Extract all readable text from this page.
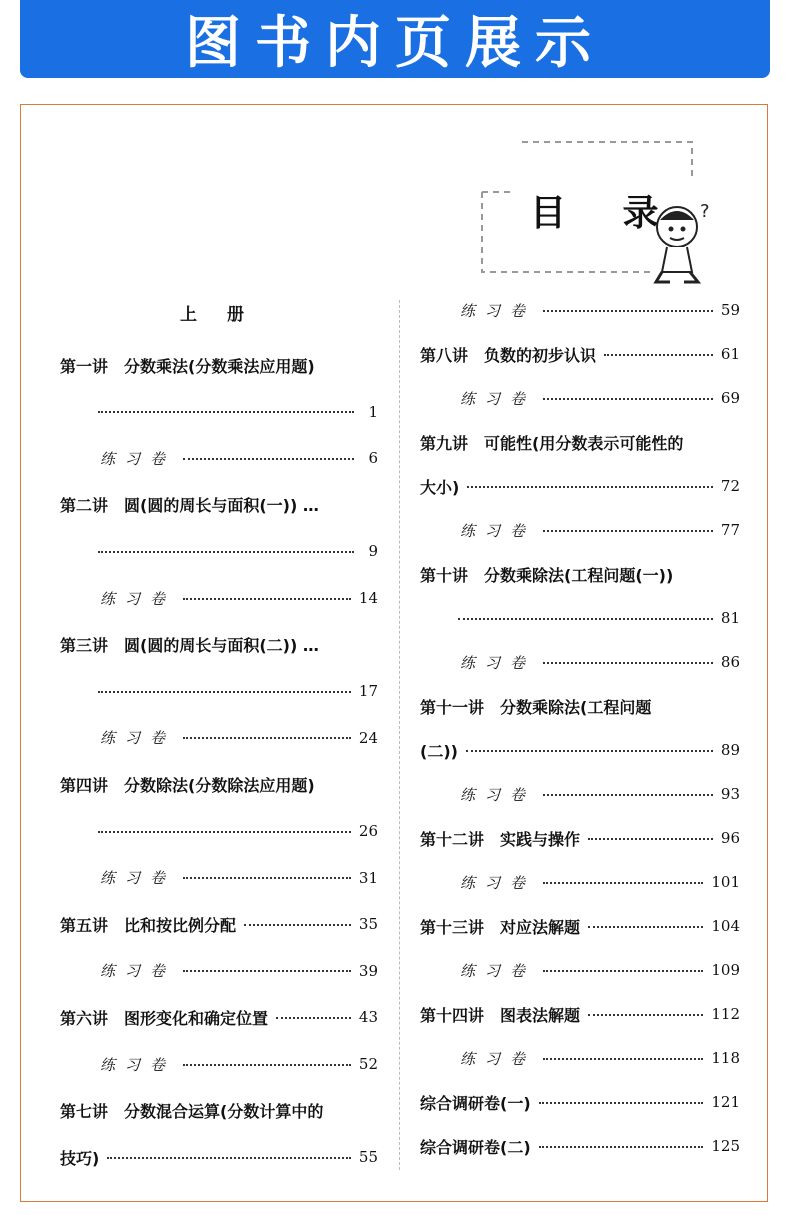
图书内页展示
?
目 录
上册
第一讲　分数乘法(分数乘法应用题)
1
练习卷	6
第二讲　圆(圆的周长与面积(一)) …
9
练习卷	14
第三讲　圆(圆的周长与面积(二)) …
17
练习卷	24
第四讲　分数除法(分数除法应用题)
26
练习卷	31
第五讲　比和按比例分配	35
练习卷	39
第六讲　图形变化和确定位置	43
练习卷	52
第七讲　分数混合运算(分数计算中的
技巧)	55
练习卷	59
第八讲　负数的初步认识	61
练习卷	69
第九讲　可能性(用分数表示可能性的
大小)	72
练习卷	77
第十讲　分数乘除法(工程问题(一))
81
练习卷	86
第十一讲　分数乘除法(工程问题
(二))	89
练习卷	93
第十二讲　实践与操作	96
练习卷	101
第十三讲　对应法解题	104
练习卷	109
第十四讲　图表法解题	112
练习卷	118
综合调研卷(一)	121
综合调研卷(二)	125
